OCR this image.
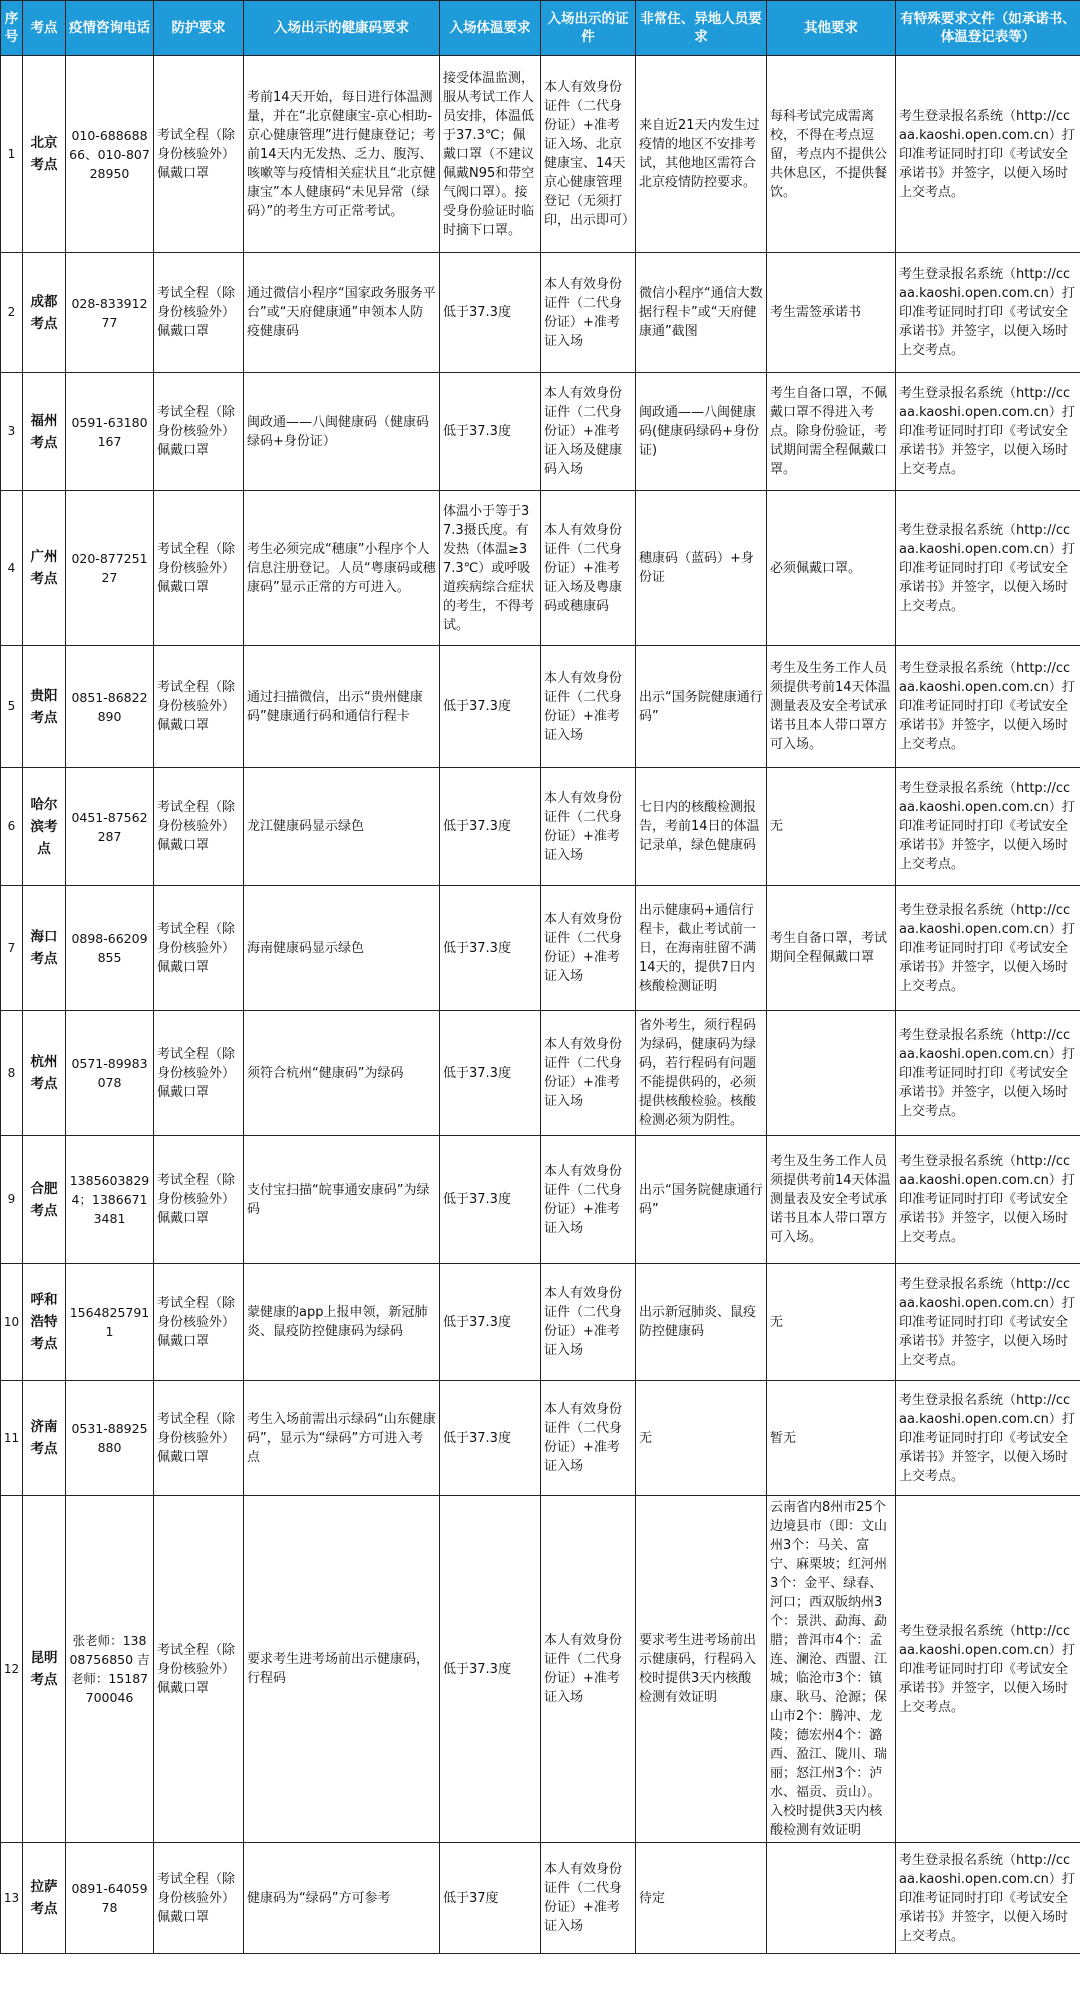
序号	考点	疫情咨询电话	防护要求	入场出示的健康码要求	入场体温要求	入场出示的证件	非常住、异地人员要求	其他要求	有特殊要求文件（如承诺书、体温登记表等）
1	北京考点	010-68868866、010-80728950	考试全程（除身份核验外）佩戴口罩	考前14天开始，每日进行体温测量，并在“北京健康宝-京心相助-京心健康管理”进行健康登记；考前14天内无发热、乏力、腹泻、咳嗽等与疫情相关症状且“北京健康宝”本人健康码“未见异常（绿码）”的考生方可正常考试。	接受体温监测，服从考试工作人员安排，体温低于37.3℃；佩戴口罩（不建议佩戴N95和带空气阀口罩）。接受身份验证时临时摘下口罩。	本人有效身份证件（二代身份证）+准考证入场、北京健康宝、14天京心健康管理登记（无须打印，出示即可）	来自近21天内发生过疫情的地区不安排考试，其他地区需符合北京疫情防控要求。	每科考试完成需离校，不得在考点逗留，考点内不提供公共休息区，不提供餐饮。	考生登录报名系统（http://ccaa.kaoshi.open.com.cn）打印准考证同时打印《考试安全承诺书》并签字，以便入场时上交考点。
2	成都考点	028-83391277	考试全程（除身份核验外）佩戴口罩	通过微信小程序“国家政务服务平台”或“天府健康通”申领本人防疫健康码	低于37.3度	本人有效身份证件（二代身份证）+准考证入场	微信小程序“通信大数据行程卡”或“天府健康通”截图	考生需签承诺书	考生登录报名系统（http://ccaa.kaoshi.open.com.cn）打印准考证同时打印《考试安全承诺书》并签字，以便入场时上交考点。
3	福州考点	0591-63180167	考试全程（除身份核验外）佩戴口罩	闽政通——八闽健康码（健康码绿码+身份证）	低于37.3度	本人有效身份证件（二代身份证）+准考证入场及健康码入场	闽政通——八闽健康码(健康码绿码+身份证)	考生自备口罩，不佩戴口罩不得进入考点。除身份验证，考试期间需全程佩戴口罩。	考生登录报名系统（http://ccaa.kaoshi.open.com.cn）打印准考证同时打印《考试安全承诺书》并签字，以便入场时上交考点。
4	广州考点	020-87725127	考试全程（除身份核验外）佩戴口罩	考生必须完成“穗康”小程序个人信息注册登记。人员“粤康码或穗康码”显示正常的方可进入。	体温小于等于37.3摄氏度。有发热（体温≥37.3℃）或呼吸道疾病综合症状的考生，不得考试。	本人有效身份证件（二代身份证）+准考证入场及粤康码或穗康码	穗康码（蓝码）+身份证	必须佩戴口罩。	考生登录报名系统（http://ccaa.kaoshi.open.com.cn）打印准考证同时打印《考试安全承诺书》并签字，以便入场时上交考点。
5	贵阳考点	0851-86822890	考试全程（除身份核验外）佩戴口罩	通过扫描微信，出示“贵州健康码”健康通行码和通信行程卡	低于37.3度	本人有效身份证件（二代身份证）+准考证入场	出示“国务院健康通行码”	考生及生务工作人员须提供考前14天体温测量表及安全考试承诺书且本人带口罩方可入场。	考生登录报名系统（http://ccaa.kaoshi.open.com.cn）打印准考证同时打印《考试安全承诺书》并签字，以便入场时上交考点。
6	哈尔滨考点	0451-87562287	考试全程（除身份核验外）佩戴口罩	龙江健康码显示绿色	低于37.3度	本人有效身份证件（二代身份证）+准考证入场	七日内的核酸检测报告，考前14日的体温记录单，绿色健康码	无	考生登录报名系统（http://ccaa.kaoshi.open.com.cn）打印准考证同时打印《考试安全承诺书》并签字，以便入场时上交考点。
7	海口考点	0898-66209855	考试全程（除身份核验外）佩戴口罩	海南健康码显示绿色	低于37.3度	本人有效身份证件（二代身份证）+准考证入场	出示健康码+通信行程卡，截止考试前一日，在海南驻留不满14天的，提供7日内核酸检测证明	考生自备口罩，考试期间全程佩戴口罩	考生登录报名系统（http://ccaa.kaoshi.open.com.cn）打印准考证同时打印《考试安全承诺书》并签字，以便入场时上交考点。
8	杭州考点	0571-89983078	考试全程（除身份核验外）佩戴口罩	须符合杭州“健康码”为绿码	低于37.3度	本人有效身份证件（二代身份证）+准考证入场	省外考生，须行程码为绿码，健康码为绿码，若行程码有问题不能提供码的，必须提供核酸检验。核酸检测必须为阴性。		考生登录报名系统（http://ccaa.kaoshi.open.com.cn）打印准考证同时打印《考试安全承诺书》并签字，以便入场时上交考点。
9	合肥考点	13856038294；13866713481	考试全程（除身份核验外）佩戴口罩	支付宝扫描“皖事通安康码”为绿码	低于37.3度	本人有效身份证件（二代身份证）+准考证入场	出示“国务院健康通行码”	考生及生务工作人员须提供考前14天体温测量表及安全考试承诺书且本人带口罩方可入场。	考生登录报名系统（http://ccaa.kaoshi.open.com.cn）打印准考证同时打印《考试安全承诺书》并签字，以便入场时上交考点。
10	呼和浩特考点	15648257911	考试全程（除身份核验外）佩戴口罩	蒙健康的app上报申领，新冠肺炎、鼠疫防控健康码为绿码	低于37.3度	本人有效身份证件（二代身份证）+准考证入场	出示新冠肺炎、鼠疫防控健康码	无	考生登录报名系统（http://ccaa.kaoshi.open.com.cn）打印准考证同时打印《考试安全承诺书》并签字，以便入场时上交考点。
11	济南考点	0531-88925880	考试全程（除身份核验外）佩戴口罩	考生入场前需出示绿码“山东健康码”，显示为“绿码”方可进入考点	低于37.3度	本人有效身份证件（二代身份证）+准考证入场	无	暂无	考生登录报名系统（http://ccaa.kaoshi.open.com.cn）打印准考证同时打印《考试安全承诺书》并签字，以便入场时上交考点。
12	昆明考点	张老师：13808756850 吉老师：15187700046	考试全程（除身份核验外）佩戴口罩	要求考生进考场前出示健康码，行程码	低于37.3度	本人有效身份证件（二代身份证）+准考证入场	要求考生进考场前出示健康码，行程码入校时提供3天内核酸检测有效证明	云南省内8州市25个边境县市（即：文山州3个：马关、富宁、麻栗坡；红河州3个：金平、绿春、河口；西双版纳州3个：景洪、勐海、勐腊；普洱市4个：孟连、澜沧、西盟、江城；临沧市3个：镇康、耿马、沧源；保山市2个：腾冲、龙陵；德宏州4个：潞西、盈江、陇川、瑞丽；怒江州3个：泸水、福贡、贡山）。入校时提供3天内核酸检测有效证明	考生登录报名系统（http://ccaa.kaoshi.open.com.cn）打印准考证同时打印《考试安全承诺书》并签字，以便入场时上交考点。
13	拉萨考点	0891-6405978	考试全程（除身份核验外）佩戴口罩	健康码为“绿码”方可参考	低于37度	本人有效身份证件（二代身份证）+准考证入场	待定		考生登录报名系统（http://ccaa.kaoshi.open.com.cn）打印准考证同时打印《考试安全承诺书》并签字，以便入场时上交考点。
